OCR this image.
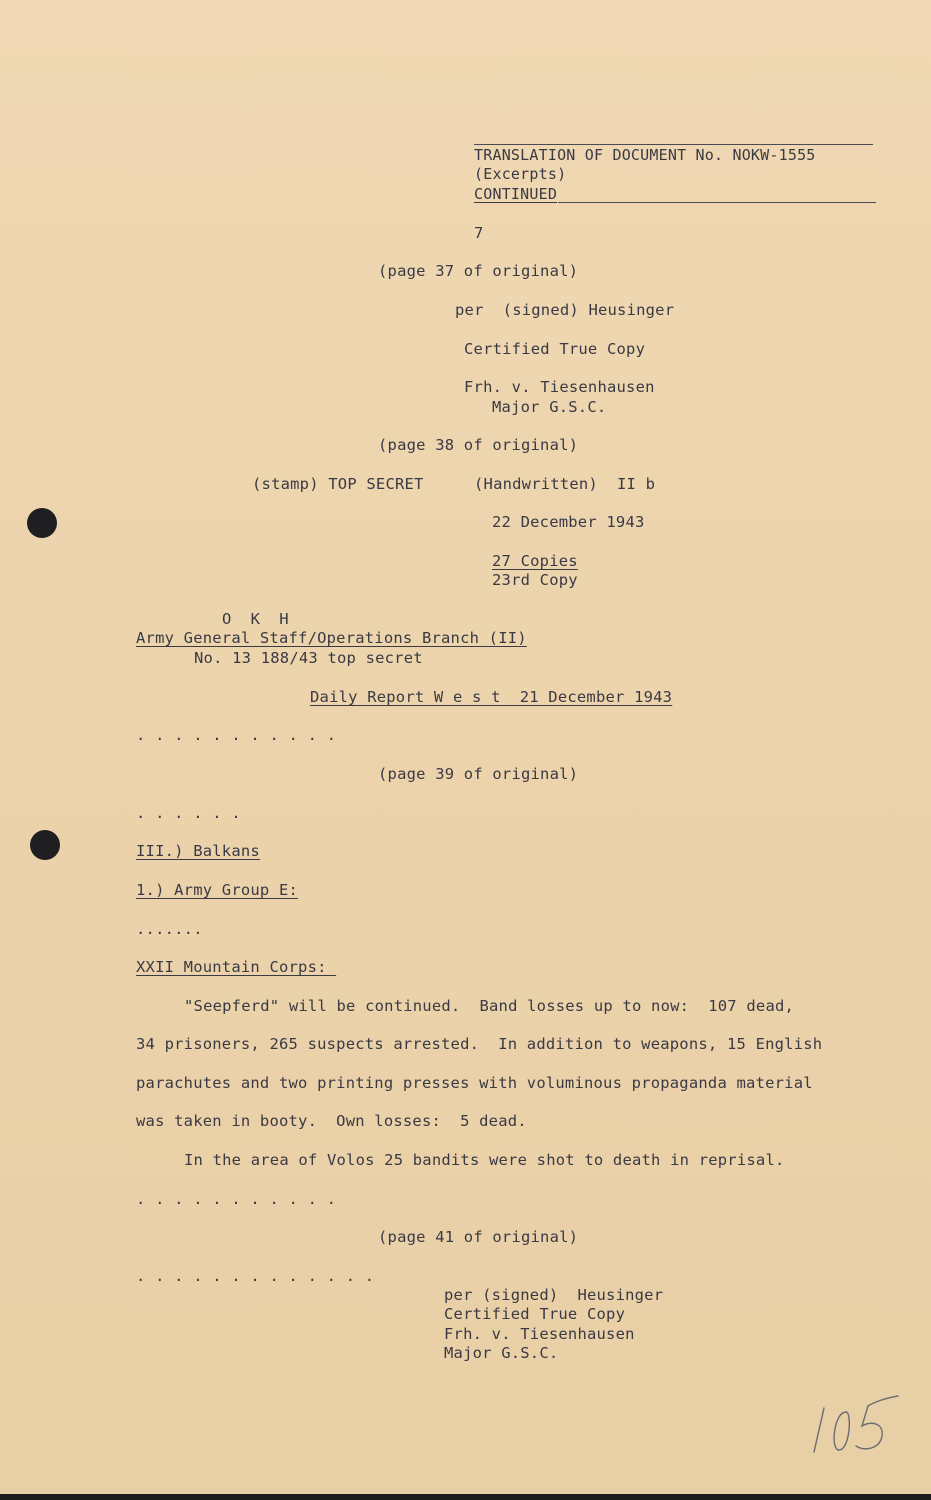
TRANSLATION OF DOCUMENT No. NOKW-1555
(Excerpts)
CONTINUED
7
(page 37 of original)
per  (signed) Heusinger
Certified True Copy
Frh. v. Tiesenhausen
Major G.S.C.
(page 38 of original)
(stamp) TOP SECRET	(Handwritten)  II b
22 December 1943
27 Copies
23rd Copy
O  K  H
Army General Staff/Operations Branch (II)
No. 13 188/43 top secret
Daily Report W e s t  21 December 1943
. . . . . . . . . . .
(page 39 of original)
. . . . . .
III.) Balkans
1.) Army Group E:
.......
XXII Mountain Corps:
"Seepferd" will be continued.  Band losses up to now:  107 dead,
34 prisoners, 265 suspects arrested.  In addition to weapons, 15 English
parachutes and two printing presses with voluminous propaganda material
was taken in booty.  Own losses:  5 dead.
In the area of Volos 25 bandits were shot to death in reprisal.
. . . . . . . . . . .
(page 41 of original)
. . . . . . . . . . . . .
per (signed)  Heusinger
Certified True Copy
Frh. v. Tiesenhausen
Major G.S.C.
